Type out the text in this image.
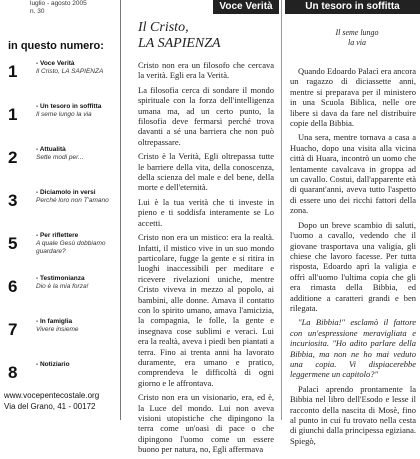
luglio - agosto 2005
n. 30
in questo numero:
1	- Voce Verità
Il Cristo, LA SAPIENZA
1	- Un tesoro in soffitta
Il seme lungo la via
2	- Attualità
Sette modi per...
3	- Diciamolo in versi
Perché loro non T'amano
5	- Per riflettere
A quale Gesù dobbiamo guardare?
6	- Testimonianza
Dio è la mia forza!
7	- In famiglia
Vivere insieme
8	- Notiziario
www.vocepentecostale.org
Via del Grano, 41 - 00172
Voce Verità	Un tesoro in soffitta

Il Cristo,

LA SAPIENZA

Cristo non era un filosofo che cercava la verità. Egli era la Verità.

La filosofia cerca di sondare il mondo spirituale con la forza dell'intelligenza umana ma, ad un certo punto, la filosofia deve fermarsi perché trova davanti a sé una barriera che non può oltrepassare.

Cristo è la Verità, Egli oltrepassa tutte le barriere della vita, della conoscenza, della scienza del male e del bene, della morte e dell'eternità.

Lui è la tua verità che ti investe in pieno e ti soddisfa interamente se Lo accetti.

Cristo non era un mistico: era la realtà. Infatti, il mistico vive in un suo mondo particolare, fugge la gente e si ritira in luoghi inaccessibili per meditare e ricevere rivelazioni uniche, mentre Cristo viveva in mezzo al popolo, ai bambini, alle donne. Amava il contatto con lo spirito umano, amava l'amicizia, la compagnia, le folle, la gente e insegnava cose sublimi e veraci. Lui era la realtà, aveva i piedi ben piantati a terra. Fino ai trenta anni ha lavorato duramente, era umano e pratico, comprendeva le difficoltà di ogni giorno e le affrontava.

Cristo non era un visionario, era, ed è, la Luce del mondo. Lui non aveva visioni utopistiche che dipingono la terra come un'oasi di pace o che dipingono l'uomo come un essere buono per natura, no, Egli affermava

Il seme lungo

la via

Quando Edoardo Palacì era ancora un ragazzo di diciassette anni, mentre si preparava per il ministero in una Scuola Biblica, nelle ore libere si dava da fare nel distribuire copie della Bibbia.

Una sera, mentre tornava a casa a Huacho, dopo una visita alla vicina città di Huara, incontrò un uomo che lentamente cavalcava in groppa ad un cavallo. Costui, dall'apparente età di quarant'anni, aveva tutto l'aspetto di essere uno dei ricchi fattori della zona.

Dopo un breve scambio di saluti, l'uomo a cavallo, vedendo che il giovane trasportava una valigia, gli chiese che lavoro facesse. Per tutta risposta, Edoardo aprì la valigia e offrì all'uomo l'ultima copia che gli era rimasta della Bibbia, ed additione a caratteri grandi e ben rilegata.

"La Bibbia!" esclamò il fattore con un'espressione meravigliata e incuriosita. "Ho adito parlare della Bibbia, ma non ne ho mai veduto una copia. Vi dispiacerebbe leggermene un capitolo?"

Palacì aprendo prontamente la Bibbia nel libro dell'Esodo e lesse il racconto della nascita di Mosè, fino al punto in cui fu trovato nella cesta di giunchi dalla principessa egiziana. Spiegò,
